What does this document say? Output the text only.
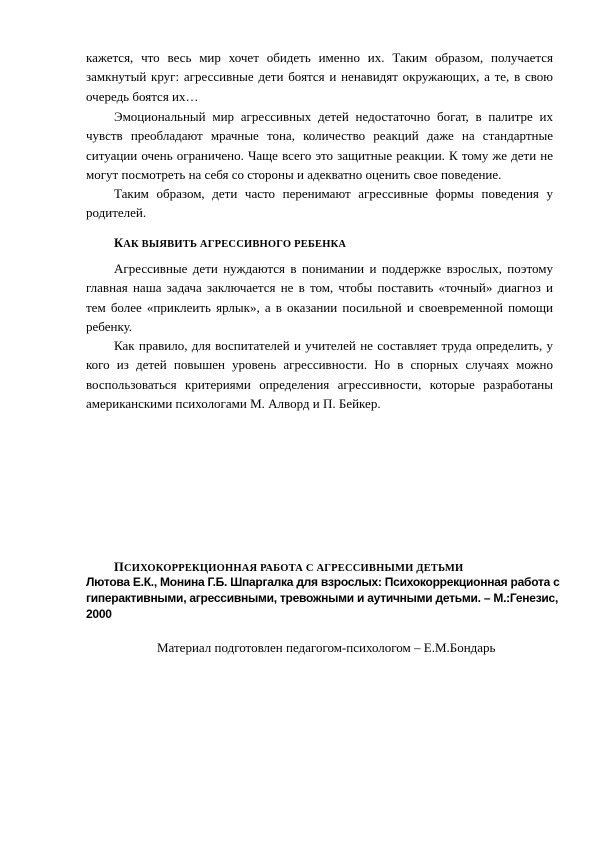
кажется, что весь мир хочет обидеть именно их. Таким образом, получается замкнутый круг: агрессивные дети боятся и ненавидят окружающих, а те, в свою очередь боятся их…

Эмоциональный мир агрессивных детей недостаточно богат, в палитре их чувств преобладают мрачные тона, количество реакций даже на стандартные ситуации очень ограничено. Чаще всего это защитные реакции. К тому же дети не могут посмотреть на себя со стороны и адекватно оценить свое поведение.

Таким образом, дети часто перенимают агрессивные формы поведения у родителей.

КАК ВЫЯВИТЬ АГРЕССИВНОГО РЕБЕНКА

Агрессивные дети нуждаются в понимании и поддержке взрослых, поэтому главная наша задача заключается не в том, чтобы поставить «точный» диагноз и тем более «приклеить ярлык», а в оказании посильной и своевременной помощи ребенку.

Как правило, для воспитателей и учителей не составляет труда определить, у кого из детей повышен уровень агрессивности. Но в спорных случаях можно воспользоваться критериями определения агрессивности, которые разработаны американскими психологами М. Алворд и П. Бейкер.

ПСИХОКОРРЕКЦИОННАЯ РАБОТА С АГРЕССИВНЫМИ ДЕТЬМИ

Лютова Е.К., Монина Г.Б. Шпаргалка для взрослых: Психокоррекционная работа с гиперактивными, агрессивными, тревожными и аутичными детьми. – М.:Генезис, 2000

Материал подготовлен педагогом-психологом – Е.М.Бондарь
